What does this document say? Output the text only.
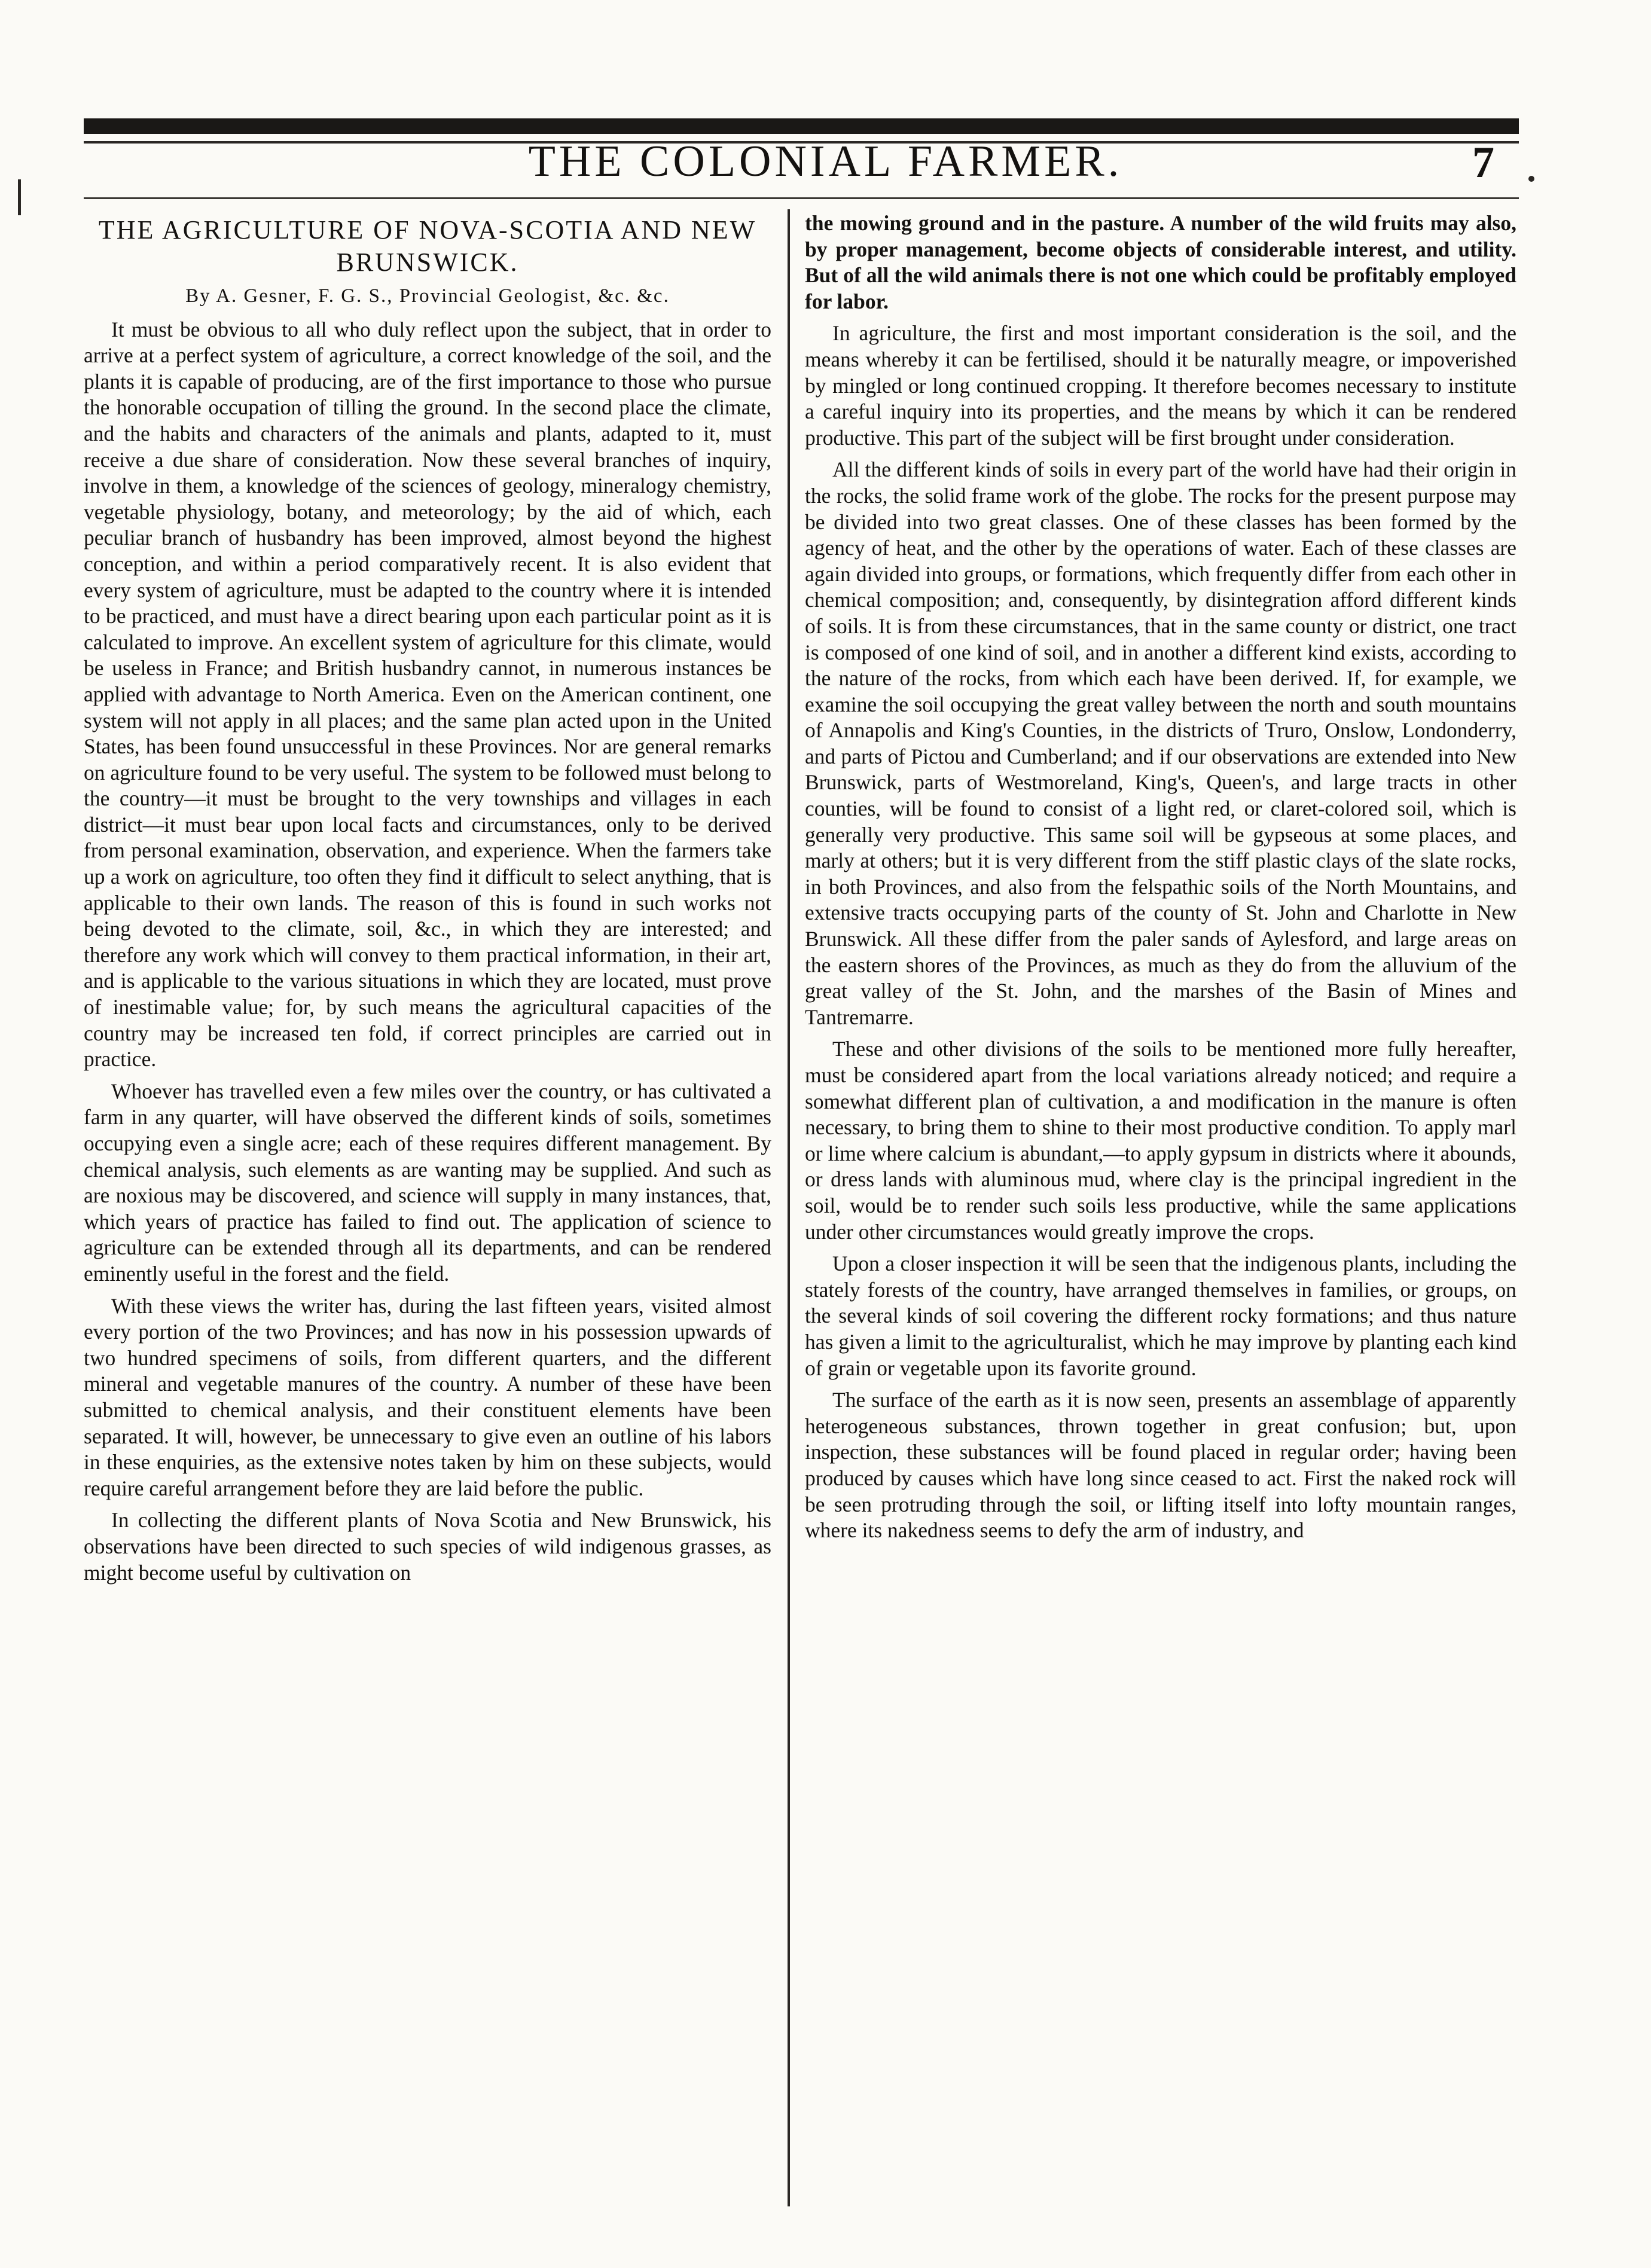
THE COLONIAL FARMER.	7
THE AGRICULTURE OF NOVA-SCOTIA AND NEW BRUNSWICK.
By A. Gesner, F. G. S., Provincial Geologist, &c. &c.

It must be obvious to all who duly reflect upon the subject, that in order to arrive at a perfect system of agriculture, a correct knowledge of the soil, and the plants it is capable of producing, are of the first importance to those who pursue the honorable occupation of tilling the ground. In the second place the climate, and the habits and characters of the animals and plants, adapted to it, must receive a due share of consideration. Now these several branches of inquiry, involve in them, a knowledge of the sciences of geology, mineralogy chemistry, vegetable physiology, botany, and meteorology; by the aid of which, each peculiar branch of husbandry has been improved, almost beyond the highest conception, and within a period comparatively recent. It is also evident that every system of agriculture, must be adapted to the country where it is intended to be practiced, and must have a direct bearing upon each particular point as it is calculated to improve. An excellent system of agriculture for this climate, would be useless in France; and British husbandry cannot, in numerous instances be applied with advantage to North America. Even on the American continent, one system will not apply in all places; and the same plan acted upon in the United States, has been found unsuccessful in these Provinces. Nor are general remarks on agriculture found to be very useful. The system to be followed must belong to the country—it must be brought to the very townships and villages in each district—it must bear upon local facts and circumstances, only to be derived from personal examination, observation, and experience. When the farmers take up a work on agriculture, too often they find it difficult to select anything, that is applicable to their own lands. The reason of this is found in such works not being devoted to the climate, soil, &c., in which they are interested; and therefore any work which will convey to them practical information, in their art, and is applicable to the various situations in which they are located, must prove of inestimable value; for, by such means the agricultural capacities of the country may be increased ten fold, if correct principles are carried out in practice.

Whoever has travelled even a few miles over the country, or has cultivated a farm in any quarter, will have observed the different kinds of soils, sometimes occupying even a single acre; each of these requires different management. By chemical analysis, such elements as are wanting may be supplied. And such as are noxious may be discovered, and science will supply in many instances, that, which years of practice has failed to find out. The application of science to agriculture can be extended through all its departments, and can be rendered eminently useful in the forest and the field.

With these views the writer has, during the last fifteen years, visited almost every portion of the two Provinces; and has now in his possession upwards of two hundred specimens of soils, from different quarters, and the different mineral and vegetable manures of the country. A number of these have been submitted to chemical analysis, and their constituent elements have been separated. It will, however, be unnecessary to give even an outline of his labors in these enquiries, as the extensive notes taken by him on these subjects, would require careful arrangement before they are laid before the public.

In collecting the different plants of Nova Scotia and New Brunswick, his observations have been directed to such species of wild indigenous grasses, as might become useful by cultivation on

the mowing ground and in the pasture. A number of the wild fruits may also, by proper management, become objects of considerable interest, and utility. But of all the wild animals there is not one which could be profitably employed for labor.

In agriculture, the first and most important consideration is the soil, and the means whereby it can be fertilised, should it be naturally meagre, or impoverished by mingled or long continued cropping. It therefore becomes necessary to institute a careful inquiry into its properties, and the means by which it can be rendered productive. This part of the subject will be first brought under consideration.

All the different kinds of soils in every part of the world have had their origin in the rocks, the solid frame work of the globe. The rocks for the present purpose may be divided into two great classes. One of these classes has been formed by the agency of heat, and the other by the operations of water. Each of these classes are again divided into groups, or formations, which frequently differ from each other in chemical composition; and, consequently, by disintegration afford different kinds of soils. It is from these circumstances, that in the same county or district, one tract is composed of one kind of soil, and in another a different kind exists, according to the nature of the rocks, from which each have been derived. If, for example, we examine the soil occupying the great valley between the north and south mountains of Annapolis and King's Counties, in the districts of Truro, Onslow, Londonderry, and parts of Pictou and Cumberland; and if our observations are extended into New Brunswick, parts of Westmoreland, King's, Queen's, and large tracts in other counties, will be found to consist of a light red, or claret-colored soil, which is generally very productive. This same soil will be gypseous at some places, and marly at others; but it is very different from the stiff plastic clays of the slate rocks, in both Provinces, and also from the felspathic soils of the North Mountains, and extensive tracts occupying parts of the county of St. John and Charlotte in New Brunswick. All these differ from the paler sands of Aylesford, and large areas on the eastern shores of the Provinces, as much as they do from the alluvium of the great valley of the St. John, and the marshes of the Basin of Mines and Tantremarre.

These and other divisions of the soils to be mentioned more fully hereafter, must be considered apart from the local variations already noticed; and require a somewhat different plan of cultivation, a and modification in the manure is often necessary, to bring them to shine to their most productive condition. To apply marl or lime where calcium is abundant,—to apply gypsum in districts where it abounds, or dress lands with aluminous mud, where clay is the principal ingredient in the soil, would be to render such soils less productive, while the same applications under other circumstances would greatly improve the crops.

Upon a closer inspection it will be seen that the indigenous plants, including the stately forests of the country, have arranged themselves in families, or groups, on the several kinds of soil covering the different rocky formations; and thus nature has given a limit to the agriculturalist, which he may improve by planting each kind of grain or vegetable upon its favorite ground.

The surface of the earth as it is now seen, presents an assemblage of apparently heterogeneous substances, thrown together in great confusion; but, upon inspection, these substances will be found placed in regular order; having been produced by causes which have long since ceased to act. First the naked rock will be seen protruding through the soil, or lifting itself into lofty mountain ranges, where its nakedness seems to defy the arm of industry, and
